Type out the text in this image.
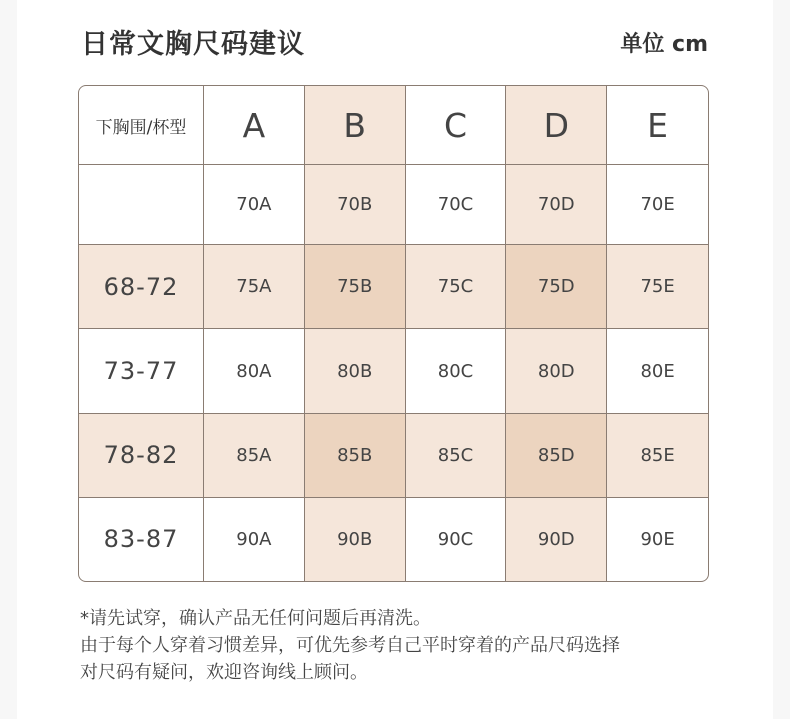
日常文胸尺码建议	单位 cm
下胸围/杯型	A	B	C	D	E
	70A	70B	70C	70D	70E
68-72	75A	75B	75C	75D	75E
73-77	80A	80B	80C	80D	80E
78-82	85A	85B	85C	85D	85E
83-87	90A	90B	90C	90D	90E
*请先试穿，确认产品无任何问题后再清洗。
由于每个人穿着习惯差异，可优先参考自己平时穿着的产品尺码选择
对尺码有疑问，欢迎咨询线上顾问。
